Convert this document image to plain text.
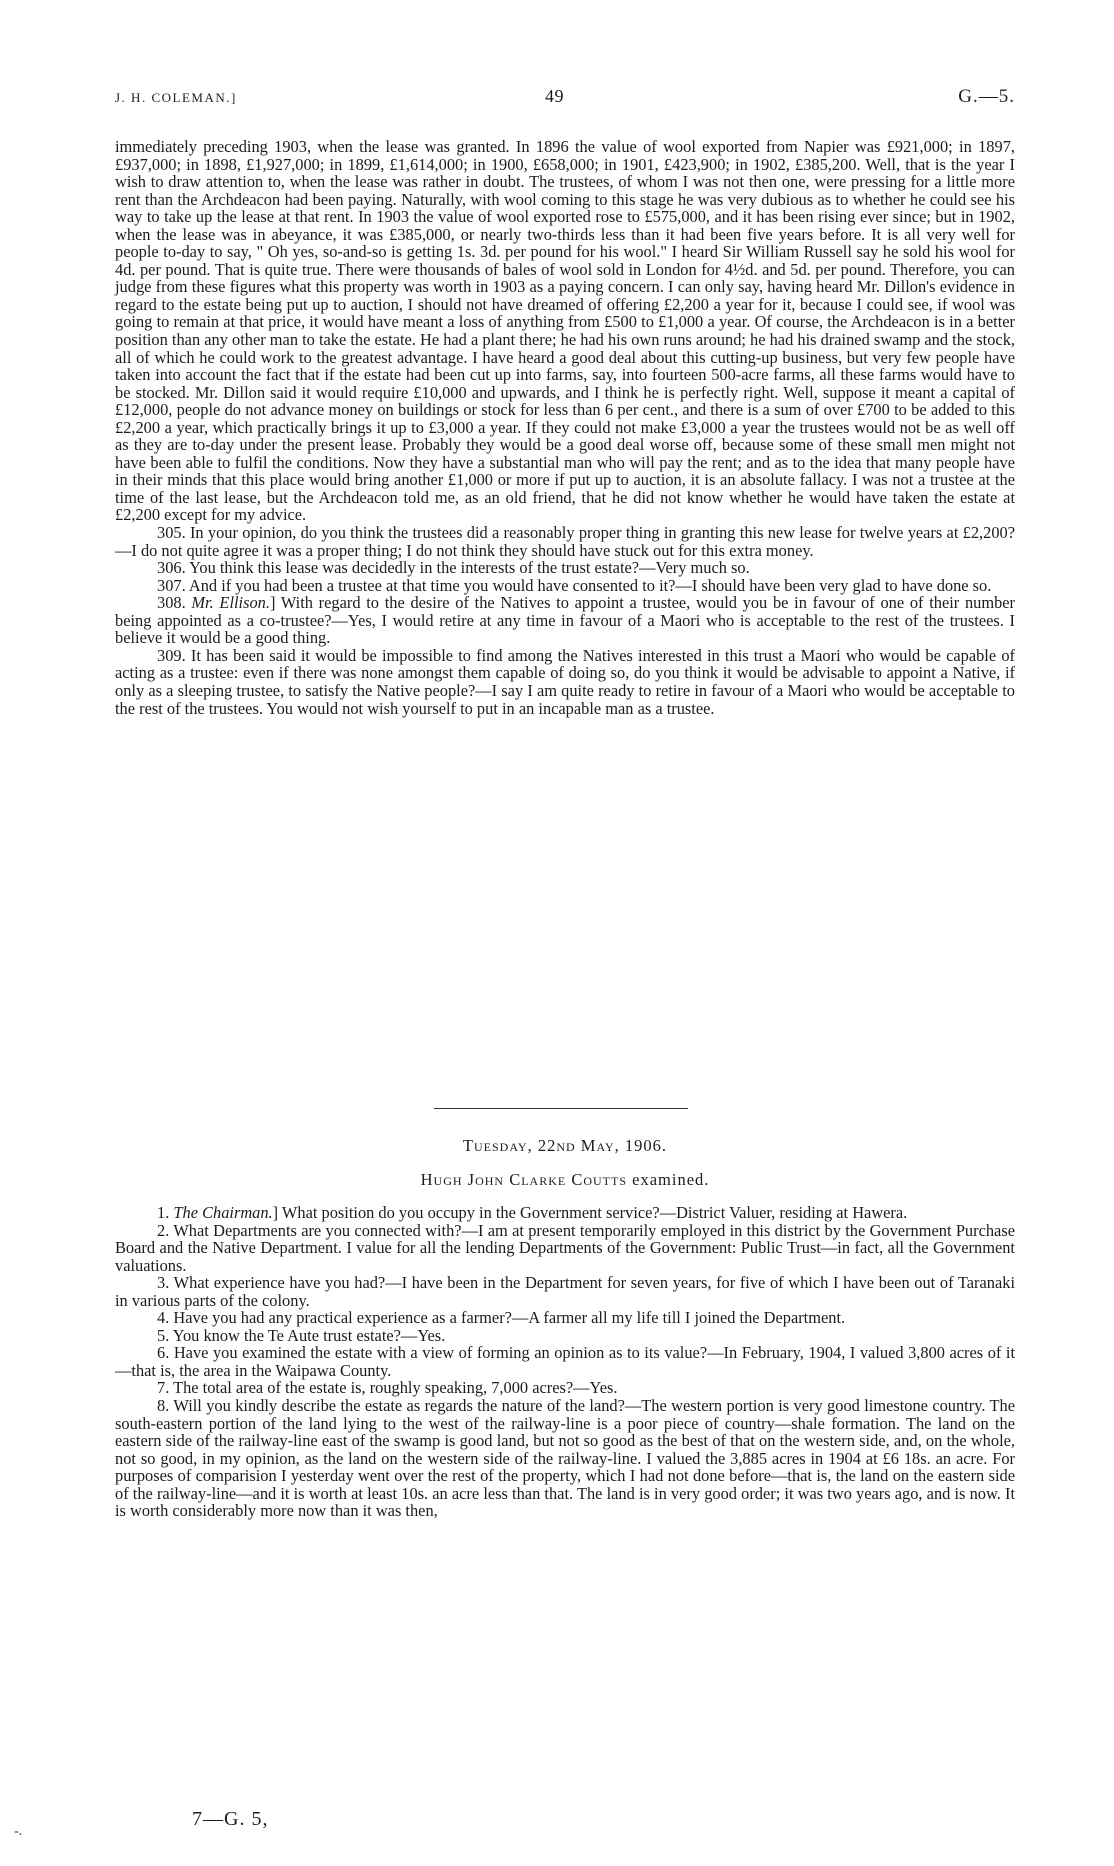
J. H. COLEMAN.]	49	G.—5.

immediately preceding 1903, when the lease was granted. In 1896 the value of wool exported from Napier was £921,000; in 1897, £937,000; in 1898, £1,927,000; in 1899, £1,614,000; in 1900, £658,000; in 1901, £423,900; in 1902, £385,200. Well, that is the year I wish to draw attention to, when the lease was rather in doubt. The trustees, of whom I was not then one, were pressing for a little more rent than the Archdeacon had been paying. Naturally, with wool coming to this stage he was very dubious as to whether he could see his way to take up the lease at that rent. In 1903 the value of wool exported rose to £575,000, and it has been rising ever since; but in 1902, when the lease was in abeyance, it was £385,000, or nearly two-thirds less than it had been five years before. It is all very well for people to-day to say, " Oh yes, so-and-so is getting 1s. 3d. per pound for his wool." I heard Sir William Russell say he sold his wool for 4d. per pound. That is quite true. There were thousands of bales of wool sold in London for 4½d. and 5d. per pound. Therefore, you can judge from these figures what this property was worth in 1903 as a paying concern. I can only say, having heard Mr. Dillon's evidence in regard to the estate being put up to auction, I should not have dreamed of offering £2,200 a year for it, because I could see, if wool was going to remain at that price, it would have meant a loss of anything from £500 to £1,000 a year. Of course, the Archdeacon is in a better position than any other man to take the estate. He had a plant there; he had his own runs around; he had his drained swamp and the stock, all of which he could work to the greatest advantage. I have heard a good deal about this cutting-up business, but very few people have taken into account the fact that if the estate had been cut up into farms, say, into fourteen 500-acre farms, all these farms would have to be stocked. Mr. Dillon said it would require £10,000 and upwards, and I think he is perfectly right. Well, suppose it meant a capital of £12,000, people do not advance money on buildings or stock for less than 6 per cent., and there is a sum of over £700 to be added to this £2,200 a year, which practically brings it up to £3,000 a year. If they could not make £3,000 a year the trustees would not be as well off as they are to-day under the present lease. Probably they would be a good deal worse off, because some of these small men might not have been able to fulfil the conditions. Now they have a substantial man who will pay the rent; and as to the idea that many people have in their minds that this place would bring another £1,000 or more if put up to auction, it is an absolute fallacy. I was not a trustee at the time of the last lease, but the Archdeacon told me, as an old friend, that he did not know whether he would have taken the estate at £2,200 except for my advice.

305. In your opinion, do you think the trustees did a reasonably proper thing in granting this new lease for twelve years at £2,200?—I do not quite agree it was a proper thing; I do not think they should have stuck out for this extra money.

306. You think this lease was decidedly in the interests of the trust estate?—Very much so.

307. And if you had been a trustee at that time you would have consented to it?—I should have been very glad to have done so.

308. Mr. Ellison.] With regard to the desire of the Natives to appoint a trustee, would you be in favour of one of their number being appointed as a co-trustee?—Yes, I would retire at any time in favour of a Maori who is acceptable to the rest of the trustees. I believe it would be a good thing.

309. It has been said it would be impossible to find among the Natives interested in this trust a Maori who would be capable of acting as a trustee: even if there was none amongst them capable of doing so, do you think it would be advisable to appoint a Native, if only as a sleeping trustee, to satisfy the Native people?—I say I am quite ready to retire in favour of a Maori who would be acceptable to the rest of the trustees. You would not wish yourself to put in an incapable man as a trustee.

Tuesday, 22nd May, 1906.
Hugh John Clarke Coutts examined.

1. The Chairman.] What position do you occupy in the Government service?—District Valuer, residing at Hawera.

2. What Departments are you connected with?—I am at present temporarily employed in this district by the Government Purchase Board and the Native Department. I value for all the lending Departments of the Government: Public Trust—in fact, all the Government valuations.

3. What experience have you had?—I have been in the Department for seven years, for five of which I have been out of Taranaki in various parts of the colony.

4. Have you had any practical experience as a farmer?—A farmer all my life till I joined the Department.

5. You know the Te Aute trust estate?—Yes.

6. Have you examined the estate with a view of forming an opinion as to its value?—In February, 1904, I valued 3,800 acres of it—that is, the area in the Waipawa County.

7. The total area of the estate is, roughly speaking, 7,000 acres?—Yes.

8. Will you kindly describe the estate as regards the nature of the land?—The western portion is very good limestone country. The south-eastern portion of the land lying to the west of the railway-line is a poor piece of country—shale formation. The land on the eastern side of the railway-line east of the swamp is good land, but not so good as the best of that on the western side, and, on the whole, not so good, in my opinion, as the land on the western side of the railway-line. I valued the 3,885 acres in 1904 at £6 18s. an acre. For purposes of comparision I yesterday went over the rest of the property, which I had not done before—that is, the land on the eastern side of the railway-line—and it is worth at least 10s. an acre less than that. The land is in very good order; it was two years ago, and is now. It is worth considerably more now than it was then,

7—G. 5,
-.
